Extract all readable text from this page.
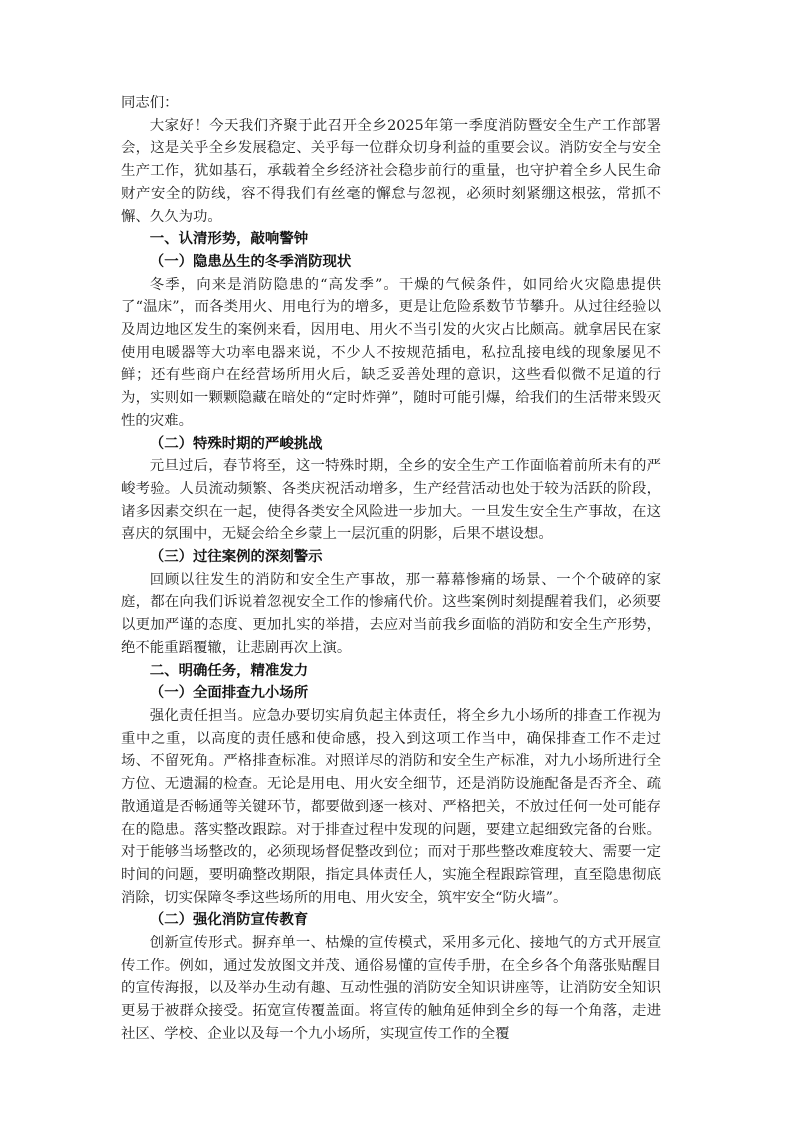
同志们：

大家好！今天我们齐聚于此召开全乡2025年第一季度消防暨安全生产工作部署会，这是关乎全乡发展稳定、关乎每一位群众切身利益的重要会议。消防安全与安全生产工作，犹如基石，承载着全乡经济社会稳步前行的重量，也守护着全乡人民生命财产安全的防线，容不得我们有丝毫的懈怠与忽视，必须时刻紧绷这根弦，常抓不懈、久久为功。

一、认清形势，敲响警钟

（一）隐患丛生的冬季消防现状

冬季，向来是消防隐患的“高发季”。干燥的气候条件，如同给火灾隐患提供了“温床”，而各类用火、用电行为的增多，更是让危险系数节节攀升。从过往经验以及周边地区发生的案例来看，因用电、用火不当引发的火灾占比颇高。就拿居民在家使用电暖器等大功率电器来说，不少人不按规范插电，私拉乱接电线的现象屡见不鲜；还有些商户在经营场所用火后，缺乏妥善处理的意识，这些看似微不足道的行为，实则如一颗颗隐藏在暗处的“定时炸弹”，随时可能引爆，给我们的生活带来毁灭性的灾难。

（二）特殊时期的严峻挑战

元旦过后，春节将至，这一特殊时期，全乡的安全生产工作面临着前所未有的严峻考验。人员流动频繁、各类庆祝活动增多，生产经营活动也处于较为活跃的阶段，诸多因素交织在一起，使得各类安全风险进一步加大。一旦发生安全生产事故，在这喜庆的氛围中，无疑会给全乡蒙上一层沉重的阴影，后果不堪设想。

（三）过往案例的深刻警示

回顾以往发生的消防和安全生产事故，那一幕幕惨痛的场景、一个个破碎的家庭，都在向我们诉说着忽视安全工作的惨痛代价。这些案例时刻提醒着我们，必须要以更加严谨的态度、更加扎实的举措，去应对当前我乡面临的消防和安全生产形势，绝不能重蹈覆辙，让悲剧再次上演。

二、明确任务，精准发力

（一）全面排查九小场所

强化责任担当。应急办要切实肩负起主体责任，将全乡九小场所的排查工作视为重中之重，以高度的责任感和使命感，投入到这项工作当中，确保排查工作不走过场、不留死角。严格排查标准。对照详尽的消防和安全生产标准，对九小场所进行全方位、无遗漏的检查。无论是用电、用火安全细节，还是消防设施配备是否齐全、疏散通道是否畅通等关键环节，都要做到逐一核对、严格把关，不放过任何一处可能存在的隐患。落实整改跟踪。对于排查过程中发现的问题，要建立起细致完备的台账。对于能够当场整改的，必须现场督促整改到位；而对于那些整改难度较大、需要一定时间的问题，要明确整改期限，指定具体责任人，实施全程跟踪管理，直至隐患彻底消除，切实保障冬季这些场所的用电、用火安全，筑牢安全“防火墙”。

（二）强化消防宣传教育

创新宣传形式。摒弃单一、枯燥的宣传模式，采用多元化、接地气的方式开展宣传工作。例如，通过发放图文并茂、通俗易懂的宣传手册，在全乡各个角落张贴醒目的宣传海报，以及举办生动有趣、互动性强的消防安全知识讲座等，让消防安全知识更易于被群众接受。拓宽宣传覆盖面。将宣传的触角延伸到全乡的每一个角落，走进社区、学校、企业以及每一个九小场所，实现宣传工作的全覆
